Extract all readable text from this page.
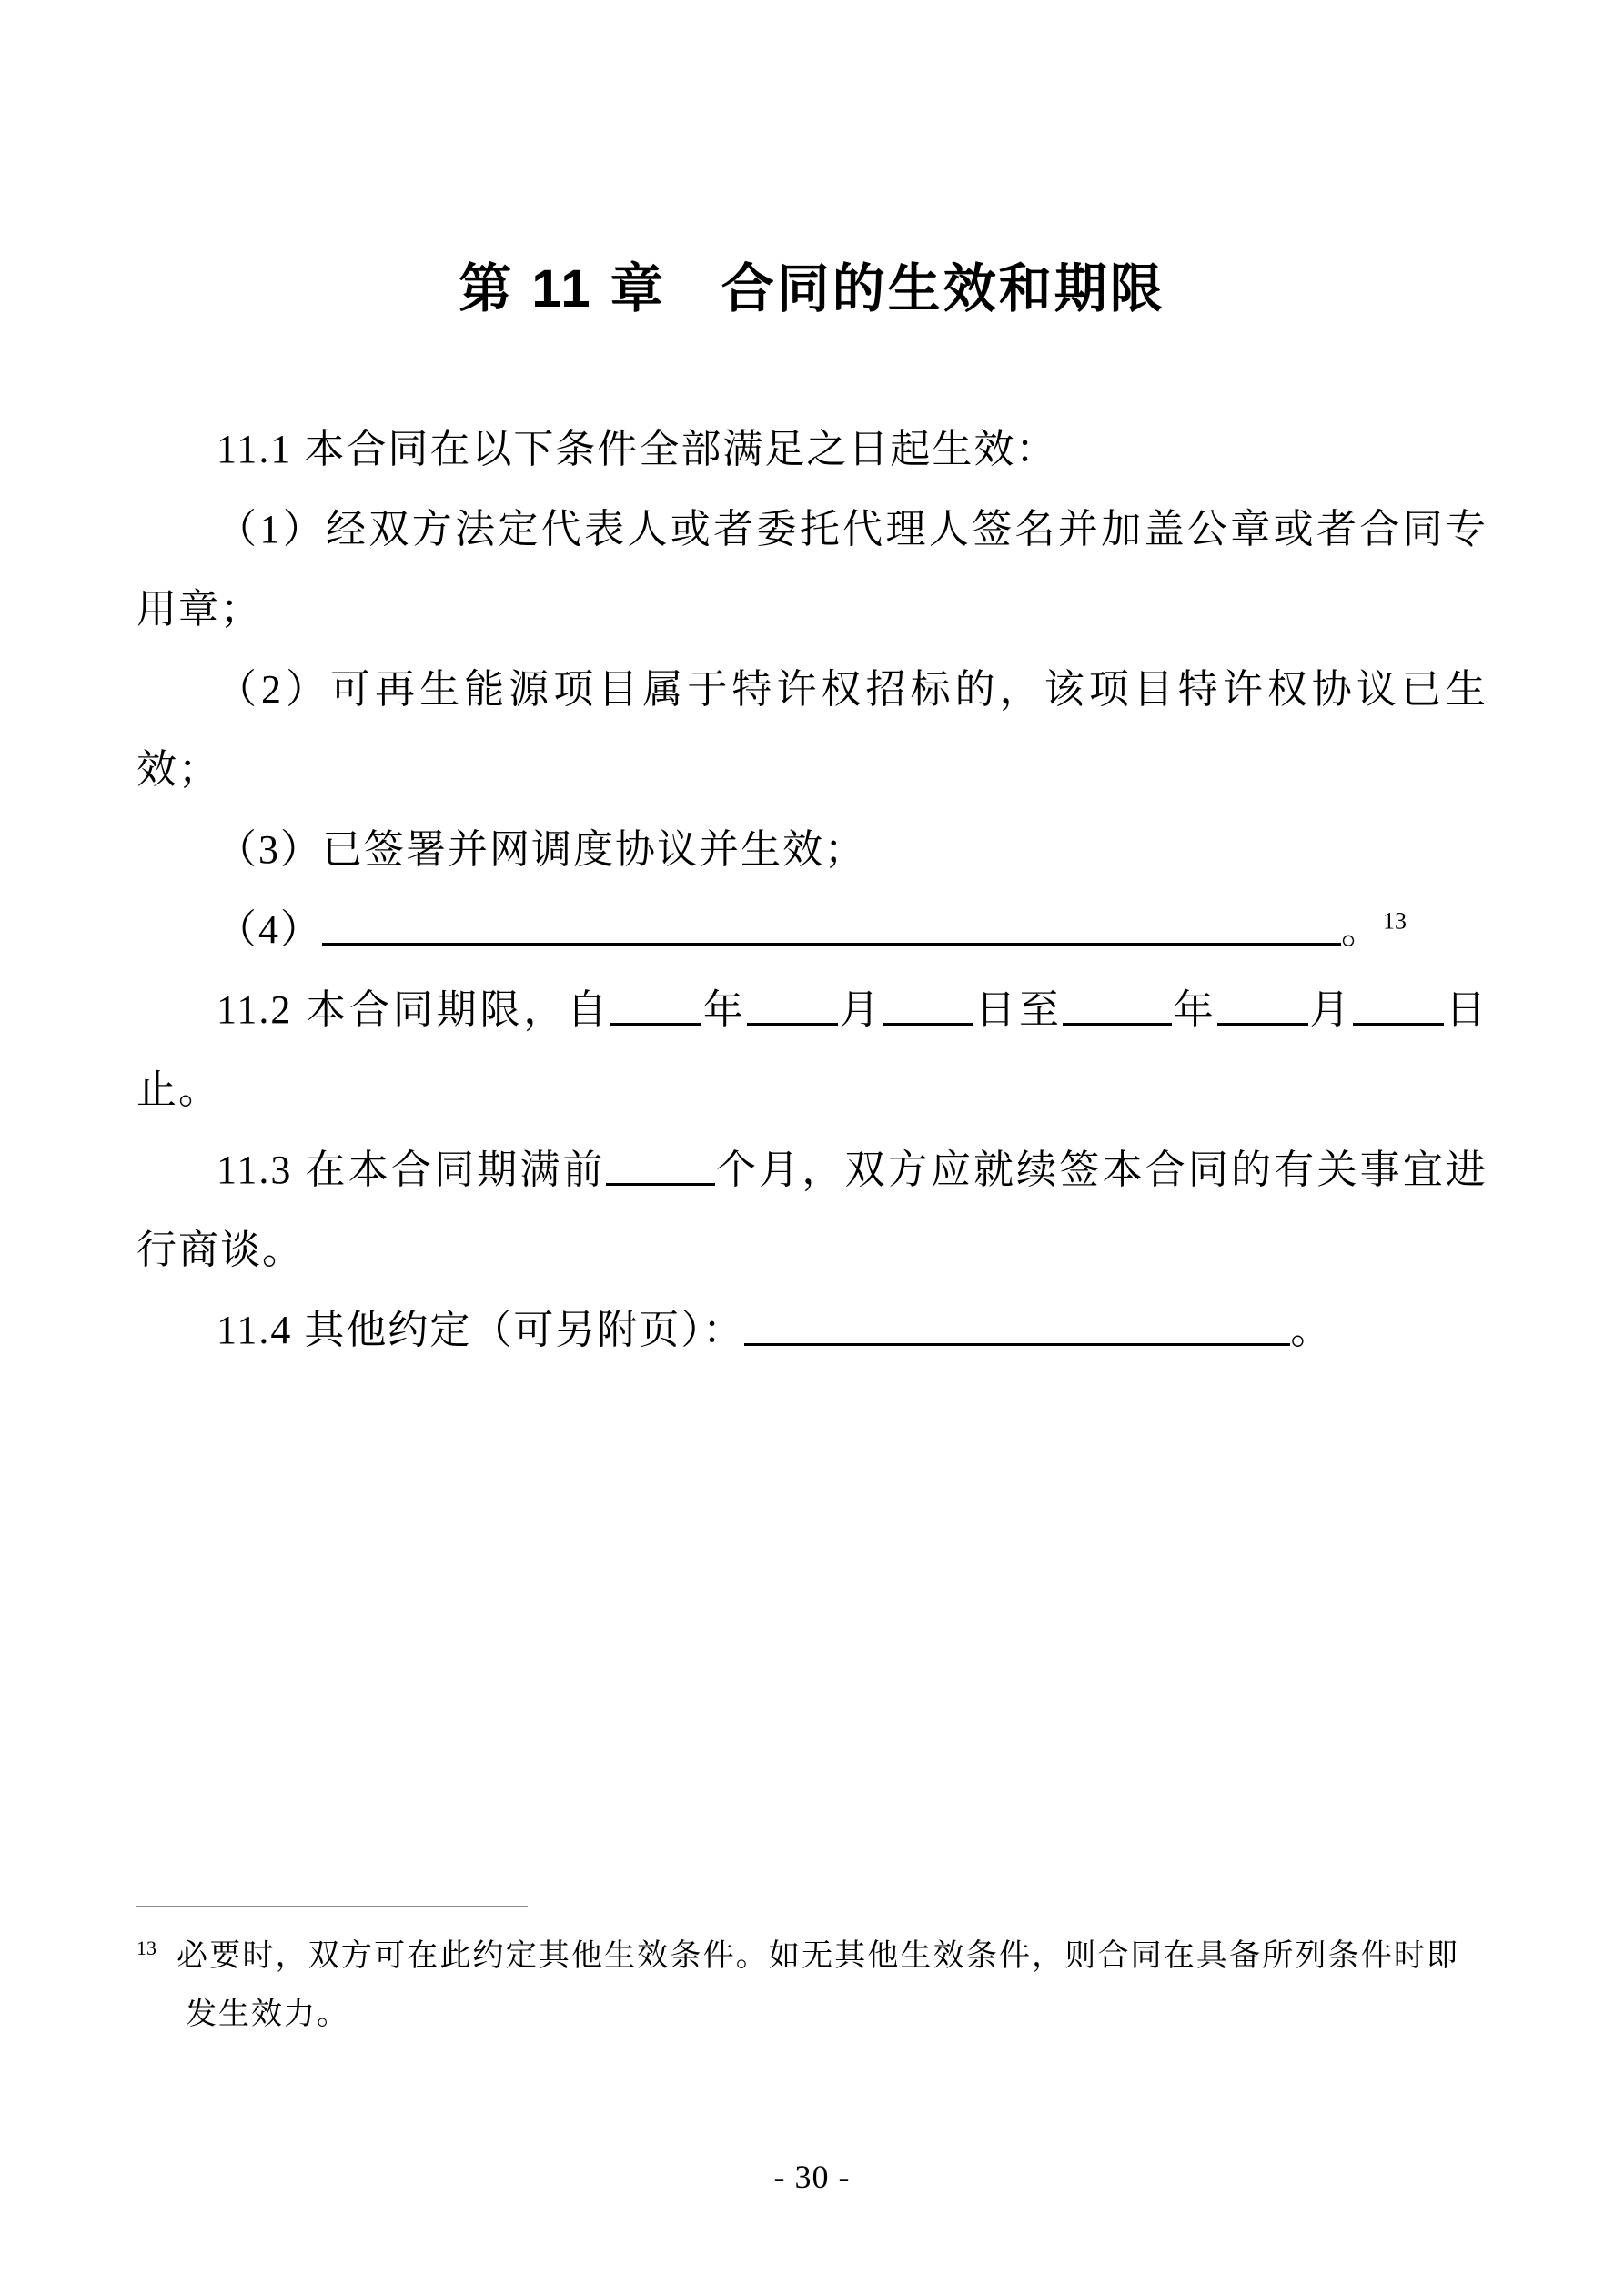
第 11 章　合同的生效和期限

11.1 本合同在以下条件全部满足之日起生效：

（1）经双方法定代表人或者委托代理人签名并加盖公章或者合同专用章；

（2）可再生能源项目属于特许权招标的，该项目特许权协议已生效；

（3）已签署并网调度协议并生效；

（4）	。$^{13}$

11.2 本合同期限，自 年 月 日至	年 月 日止。

11.3 在本合同期满前	个月，双方应就续签本合同的有关事宜进行商谈。

11.4 其他约定（可另附页）：	。

$^{13}$ 必要时，双方可在此约定其他生效条件。如无其他生效条件，则合同在具备所列条件时即发生效力。

- 30 -
